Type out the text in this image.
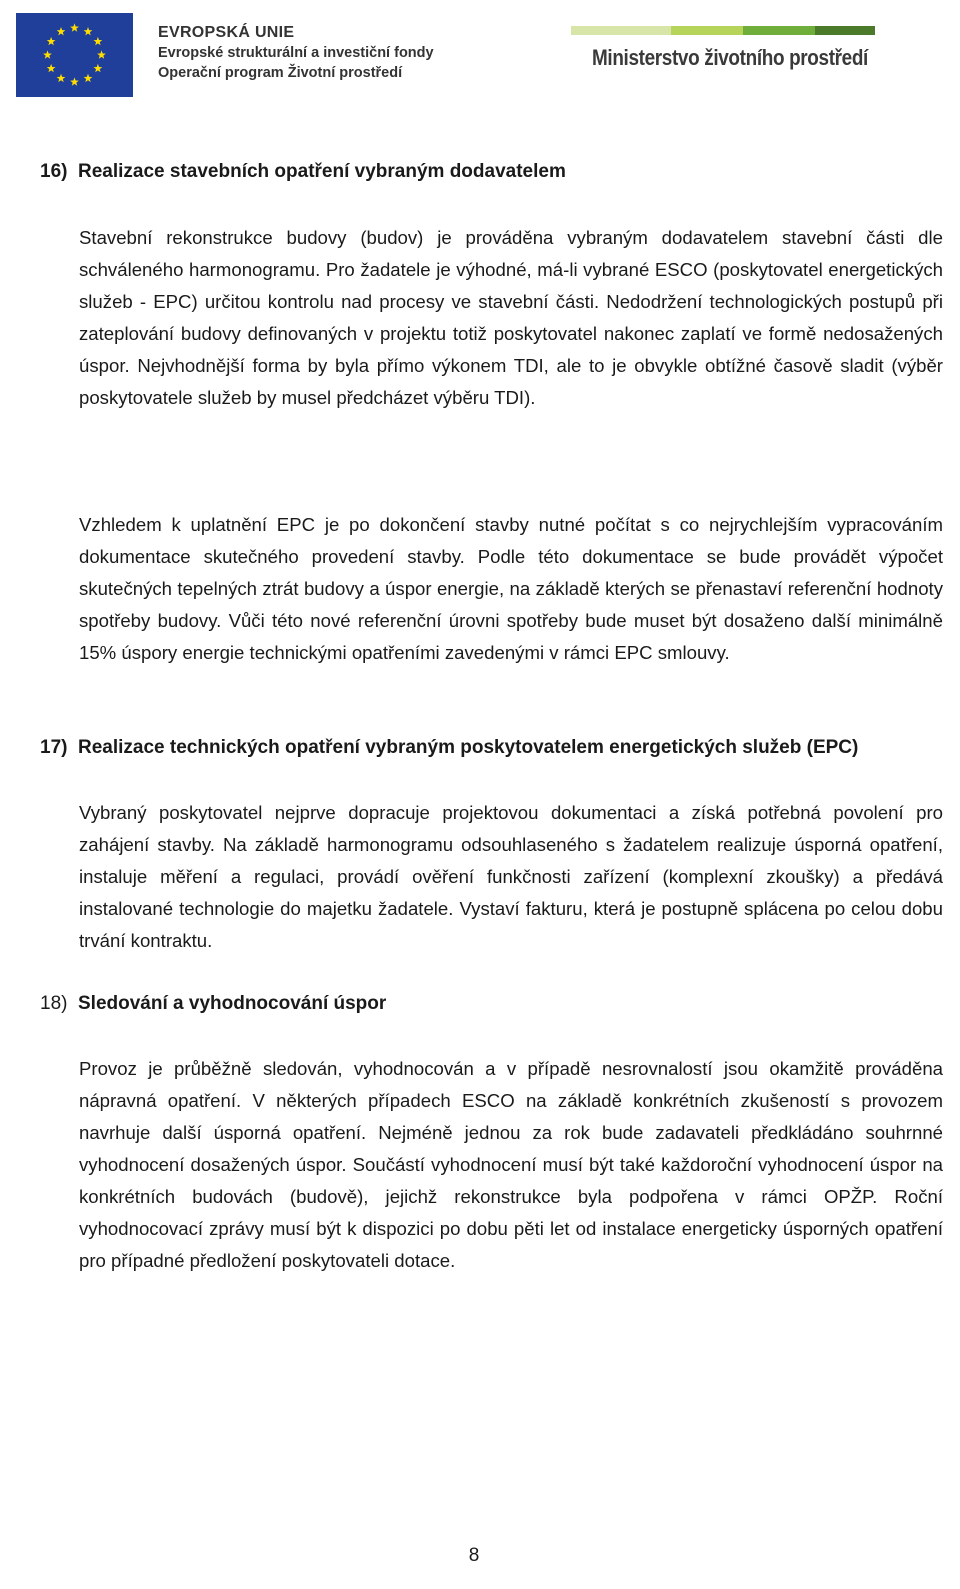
EVROPSKÁ UNIE
Evropské strukturální a investiční fondy
Operační program Životní prostředí
Ministerstvo životního prostředí
16) Realizace stavebních opatření vybraným dodavatelem
Stavební rekonstrukce budovy (budov) je prováděna vybraným dodavatelem stavební části dle schváleného harmonogramu. Pro žadatele je výhodné, má-li vybrané ESCO (poskytovatel energetických služeb - EPC) určitou kontrolu nad procesy ve stavební části. Nedodržení technologických postupů při zateplování budovy definovaných v projektu totiž poskytovatel nakonec zaplatí ve formě nedosažených úspor. Nejvhodnější forma by byla přímo výkonem TDI, ale to je obvykle obtížné časově sladit (výběr poskytovatele služeb by musel předcházet výběru TDI).
Vzhledem k uplatnění EPC je po dokončení stavby nutné počítat s co nejrychlejším vypracováním dokumentace skutečného provedení stavby. Podle této dokumentace se bude provádět výpočet skutečných tepelných ztrát budovy a úspor energie, na základě kterých se přenastaví referenční hodnoty spotřeby budovy. Vůči této nové referenční úrovni spotřeby bude muset být dosaženo další minimálně 15% úspory energie technickými opatřeními zavedenými v rámci EPC smlouvy.
17) Realizace technických opatření vybraným poskytovatelem energetických služeb (EPC)
Vybraný poskytovatel nejprve dopracuje projektovou dokumentaci a získá potřebná povolení pro zahájení stavby. Na základě harmonogramu odsouhlaseného s žadatelem realizuje úsporná opatření, instaluje měření a regulaci, provádí ověření funkčnosti zařízení (komplexní zkoušky) a předává instalované technologie do majetku žadatele. Vystaví fakturu, která je postupně splácena po celou dobu trvání kontraktu.
18) Sledování a vyhodnocování úspor
Provoz je průběžně sledován, vyhodnocován a v případě nesrovnalostí jsou okamžitě prováděna nápravná opatření. V některých případech ESCO na základě konkrétních zkušeností s provozem navrhuje další úsporná opatření. Nejméně jednou za rok bude zadavateli předkládáno souhrnné vyhodnocení dosažených úspor. Součástí vyhodnocení musí být také každoroční vyhodnocení úspor na konkrétních budovách (budově), jejichž rekonstrukce byla podpořena v rámci OPŽP. Roční vyhodnocovací zprávy musí být k dispozici po dobu pěti let od instalace energeticky úsporných opatření pro případné předložení poskytovateli dotace.
8
